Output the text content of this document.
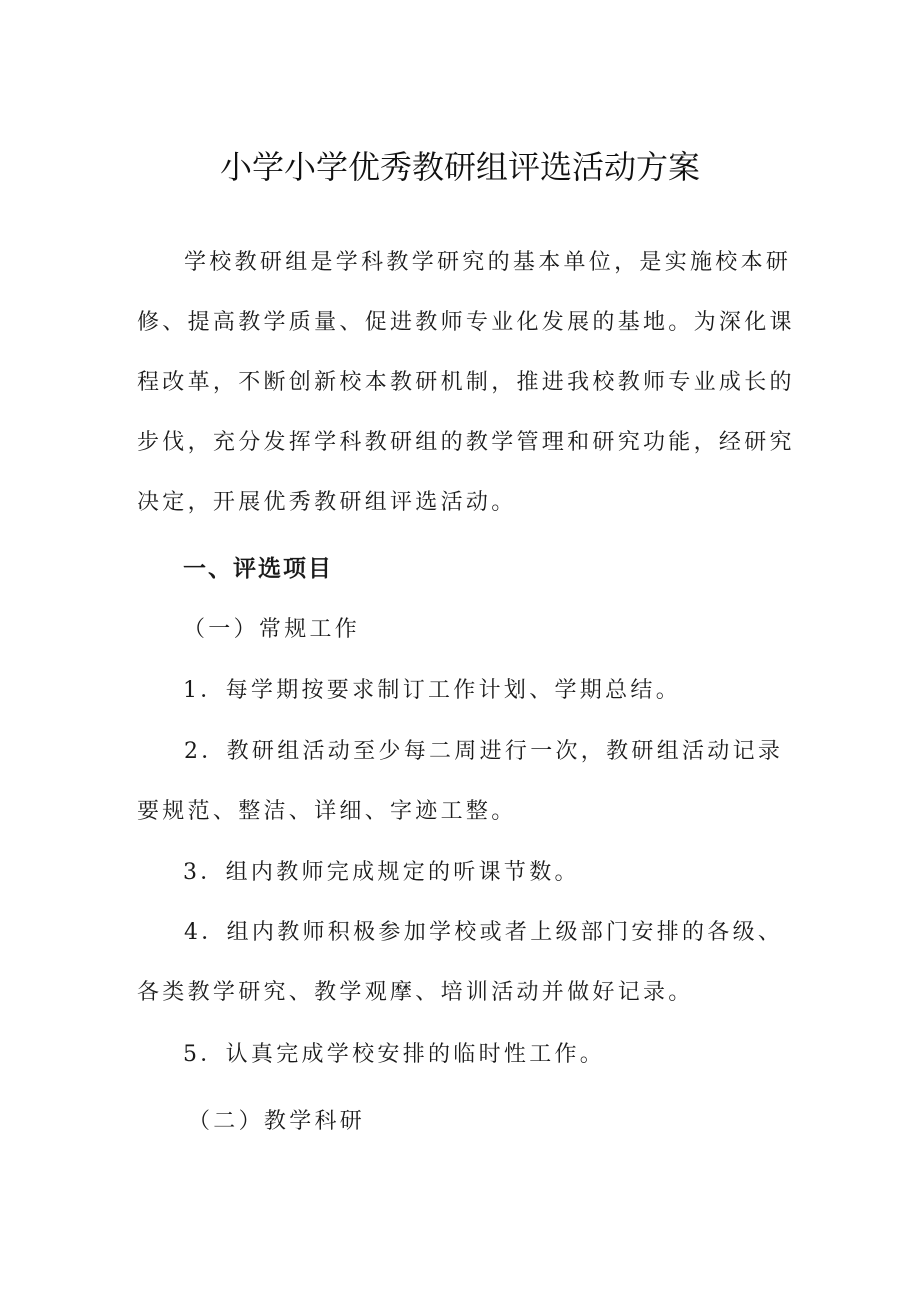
小学小学优秀教研组评选活动方案

学校教研组是学科教学研究的基本单位，是实施校本研修、提高教学质量、促进教师专业化发展的基地。为深化课程改革，不断创新校本教研机制，推进我校教师专业成长的步伐，充分发挥学科教研组的教学管理和研究功能，经研究决定，开展优秀教研组评选活动。

一、评选项目
（一）常规工作
1．每学期按要求制订工作计划、学期总结。

2．教研组活动至少每二周进行一次，教研组活动记录要规范、整洁、详细、字迹工整。

3．组内教师完成规定的听课节数。

4．组内教师积极参加学校或者上级部门安排的各级、各类教学研究、教学观摩、培训活动并做好记录。

5．认真完成学校安排的临时性工作。
（二）教学科研
